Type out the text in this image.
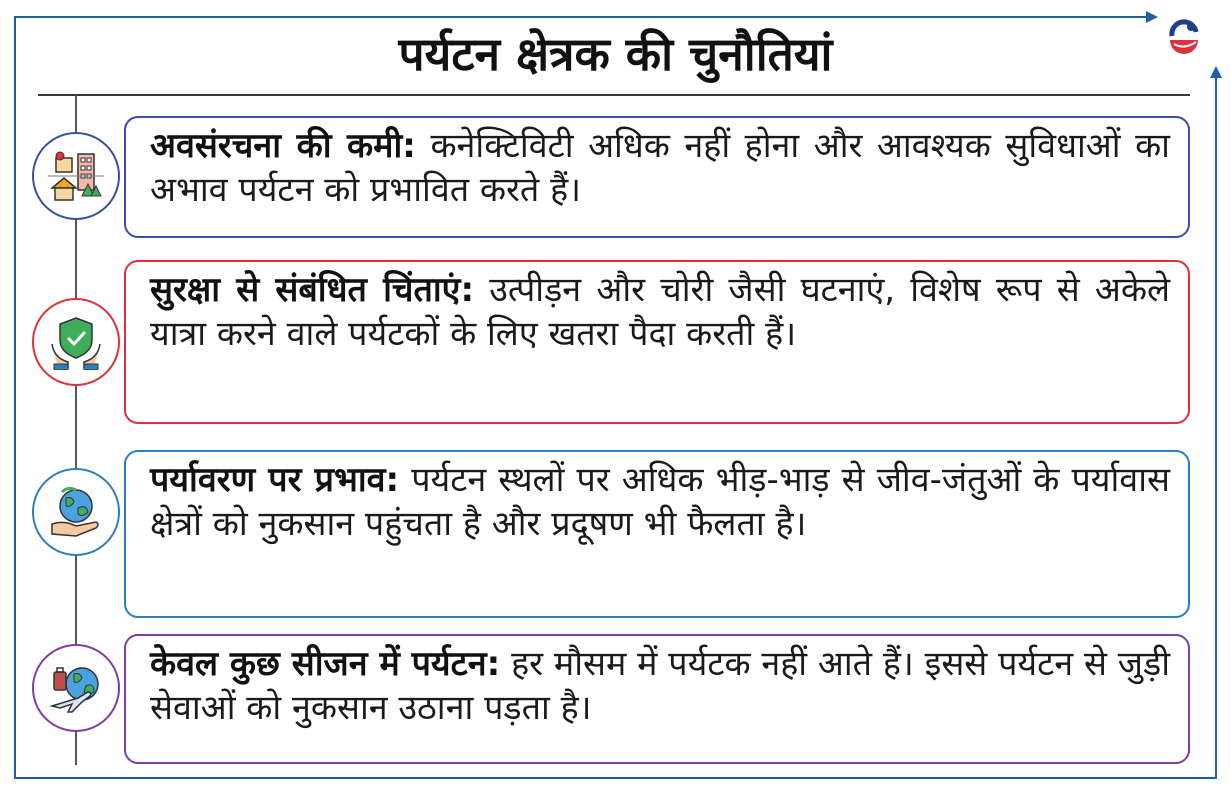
पर्यटन क्षेत्रक की चुनौतियां

अवसंरचना की कमी: कनेक्टिविटी अधिक नहीं होना और आवश्यक सुविधाओं का अभाव पर्यटन को प्रभावित करते हैं।

सुरक्षा से संबंधित चिंताएं: उत्पीड़न और चोरी जैसी घटनाएं, विशेष रूप से अकेले यात्रा करने वाले पर्यटकों के लिए खतरा पैदा करती हैं।

पर्यावरण पर प्रभाव: पर्यटन स्थलों पर अधिक भीड़-भाड़ से जीव-जंतुओं के पर्यावास क्षेत्रों को नुकसान पहुंचता है और प्रदूषण भी फैलता है।

केवल कुछ सीजन में पर्यटन: हर मौसम में पर्यटक नहीं आते हैं। इससे पर्यटन से जुड़ी सेवाओं को नुकसान उठाना पड़ता है।
